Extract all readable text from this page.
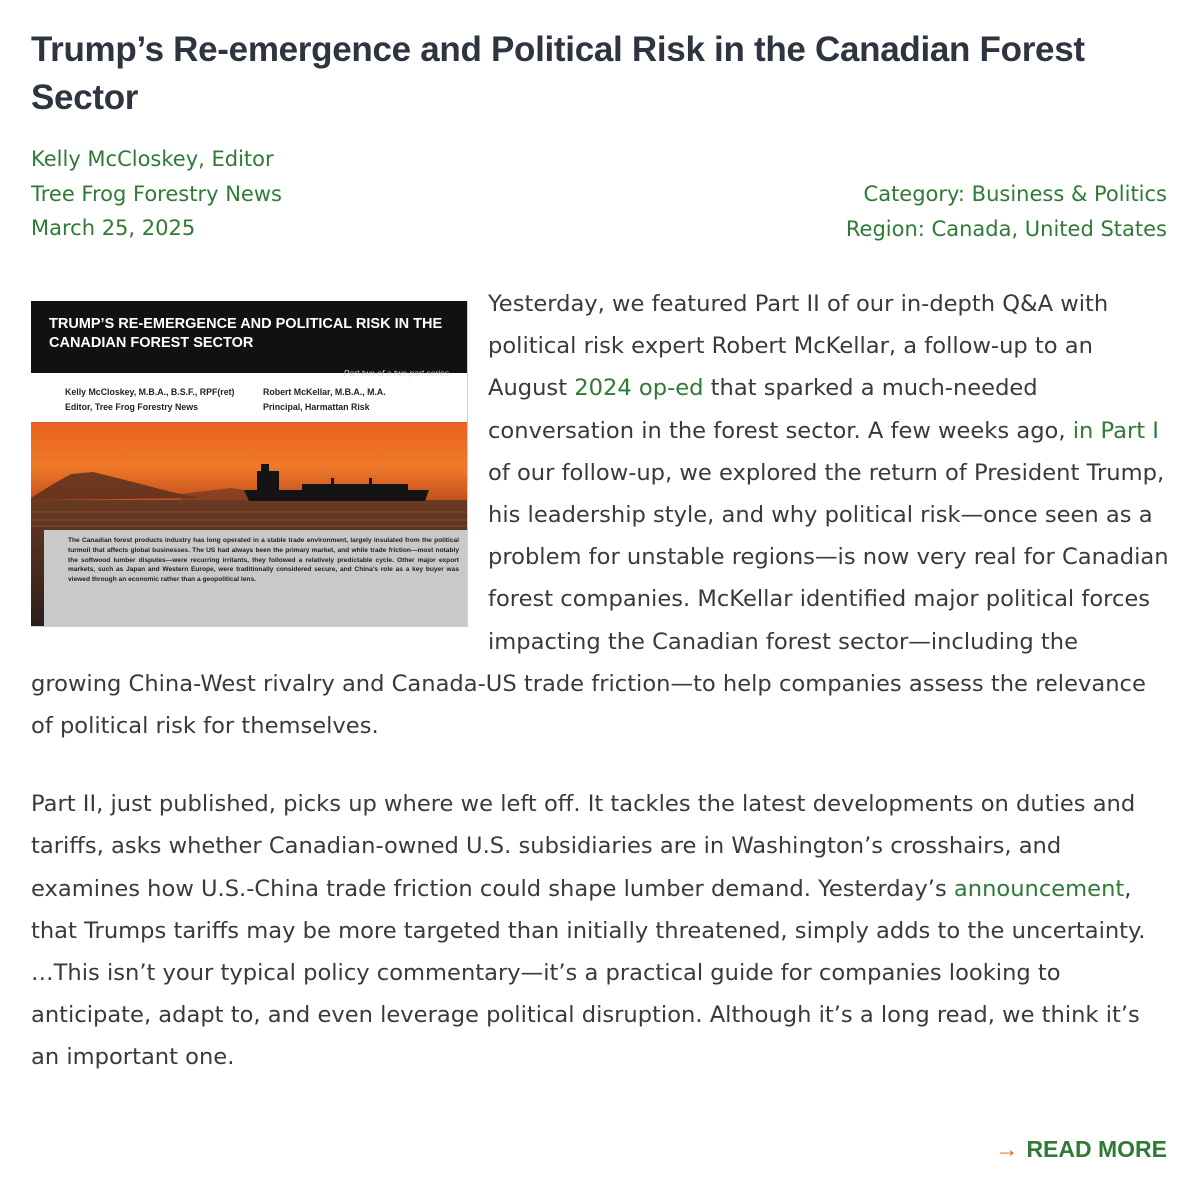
Trump’s Re-emergence and Political Risk in the Canadian Forest Sector
Kelly McCloskey, Editor
Tree Frog Forestry News
March 25, 2025
Category: Business & Politics
Region: Canada, United States
TRUMP’S RE-EMERGENCE AND POLITICAL RISK IN THE CANADIAN FOREST SECTOR
Part two of a two part series
Kelly McCloskey, M.B.A., B.S.F., RPF(ret)
Editor, Tree Frog Forestry News
Robert McKellar, M.B.A., M.A.
Principal, Harmattan Risk
The Canadian forest products industry has long operated in a stable trade environment, largely insulated from the political turmoil that affects global businesses. The US had always been the primary market, and while trade friction—most notably the softwood lumber disputes—were recurring irritants, they followed a relatively predictable cycle. Other major export markets, such as Japan and Western Europe, were traditionally considered secure, and China’s role as a key buyer was viewed through an economic rather than a geopolitical lens.

Yesterday, we featured Part II of our in-depth Q&A with political risk expert Robert McKellar, a follow-up to an August 2024 op-ed that sparked a much-needed conversation in the forest sector. A few weeks ago, in Part I of our follow-up, we explored the return of President Trump, his leadership style, and why political risk—once seen as a problem for unstable regions—is now very real for Canadian forest companies. McKellar identified major political forces impacting the Canadian forest sector—including the growing China-West rivalry and Canada-US trade friction—to help companies assess the relevance of political risk for themselves.

Part II, just published, picks up where we left off. It tackles the latest developments on duties and tariffs, asks whether Canadian-owned U.S. subsidiaries are in Washington’s crosshairs, and examines how U.S.-China trade friction could shape lumber demand. Yesterday’s announcement, that Trumps tariffs may be more targeted than initially threatened, simply adds to the uncertainty. …This isn’t your typical policy commentary—it’s a practical guide for companies looking to anticipate, adapt to, and even leverage political disruption. Although it’s a long read, we think it’s an important one.

→ READ MORE
